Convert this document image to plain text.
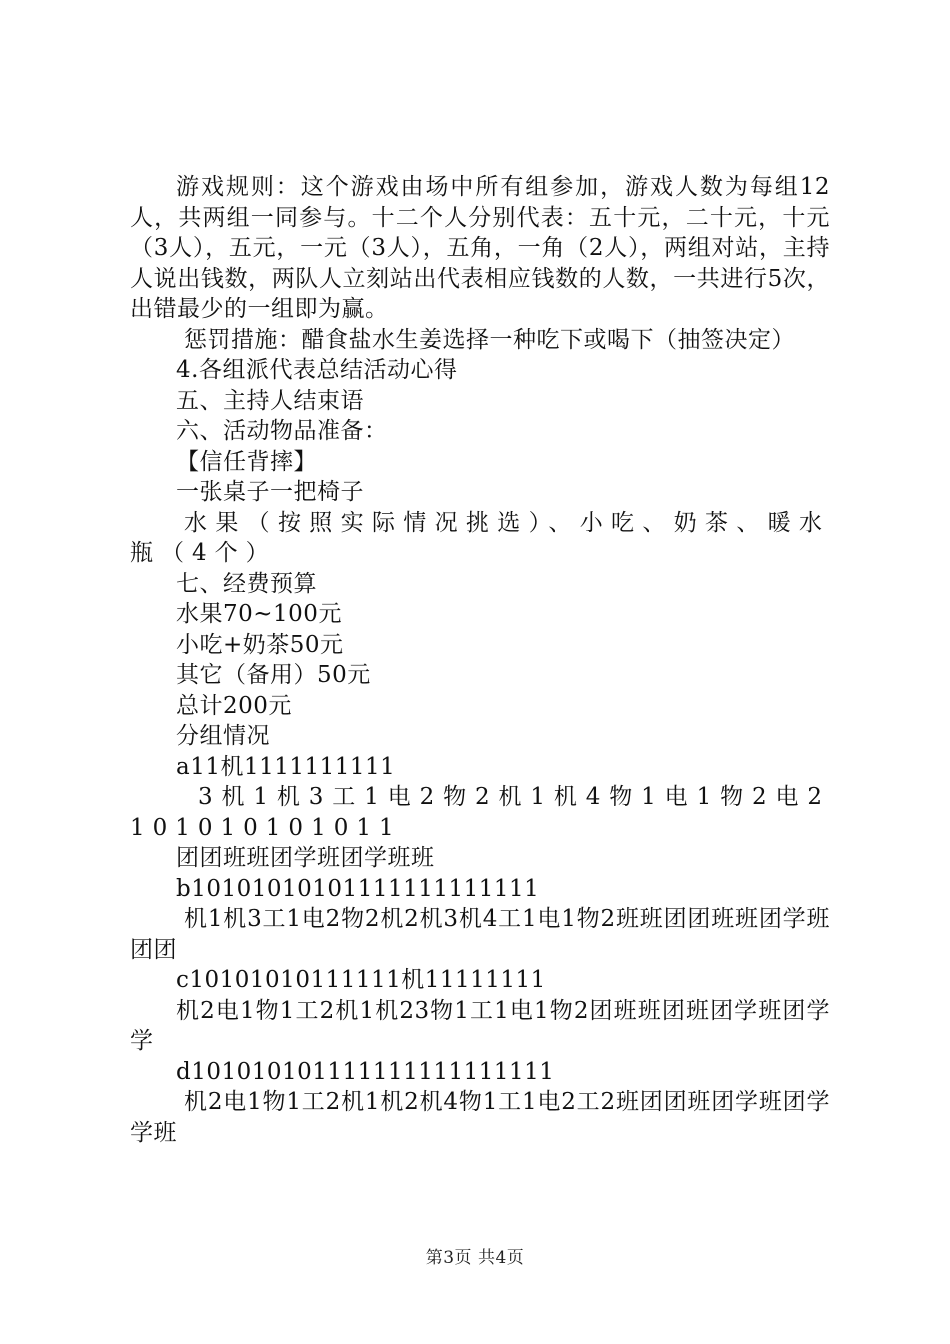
游戏规则：这个游戏由场中所有组参加，游戏人数为每组12人，共两组一同参与。十二个人分别代表：五十元，二十元，十元（3人），五元，一元（3人），五角，一角（2人），两组对站，主持人说出钱数，两队人立刻站出代表相应钱数的人数，一共进行5次，出错最少的一组即为赢。

惩罚措施：醋食盐水生姜选择一种吃下或喝下（抽签决定）

4.各组派代表总结活动心得

五、主持人结束语

六、活动物品准备：

【信任背摔】

一张桌子一把椅子

水果（按照实际情况挑选）、小吃、奶茶、暖水瓶（4个）

七、经费预算

水果70~100元

小吃+奶茶50元

其它（备用）50元

总计200元

分组情况

a11机1111111111

3机1机3工1电2物2机1机4物1电1物2电2101010101011

团团班班团学班团学班班

b10101010101111111111111

机1机3工1电2物2机2机3机4工1电1物2班班团团班班团学班团团

c10101010111111机11111111

机2电1物1工2机1机23物1工1电1物2团班班团班团学班团学学

d101010101111111111111111

机2电1物1工2机1机2机4物1工1电2工2班团团班团学班团学学班

第3页 共4页
